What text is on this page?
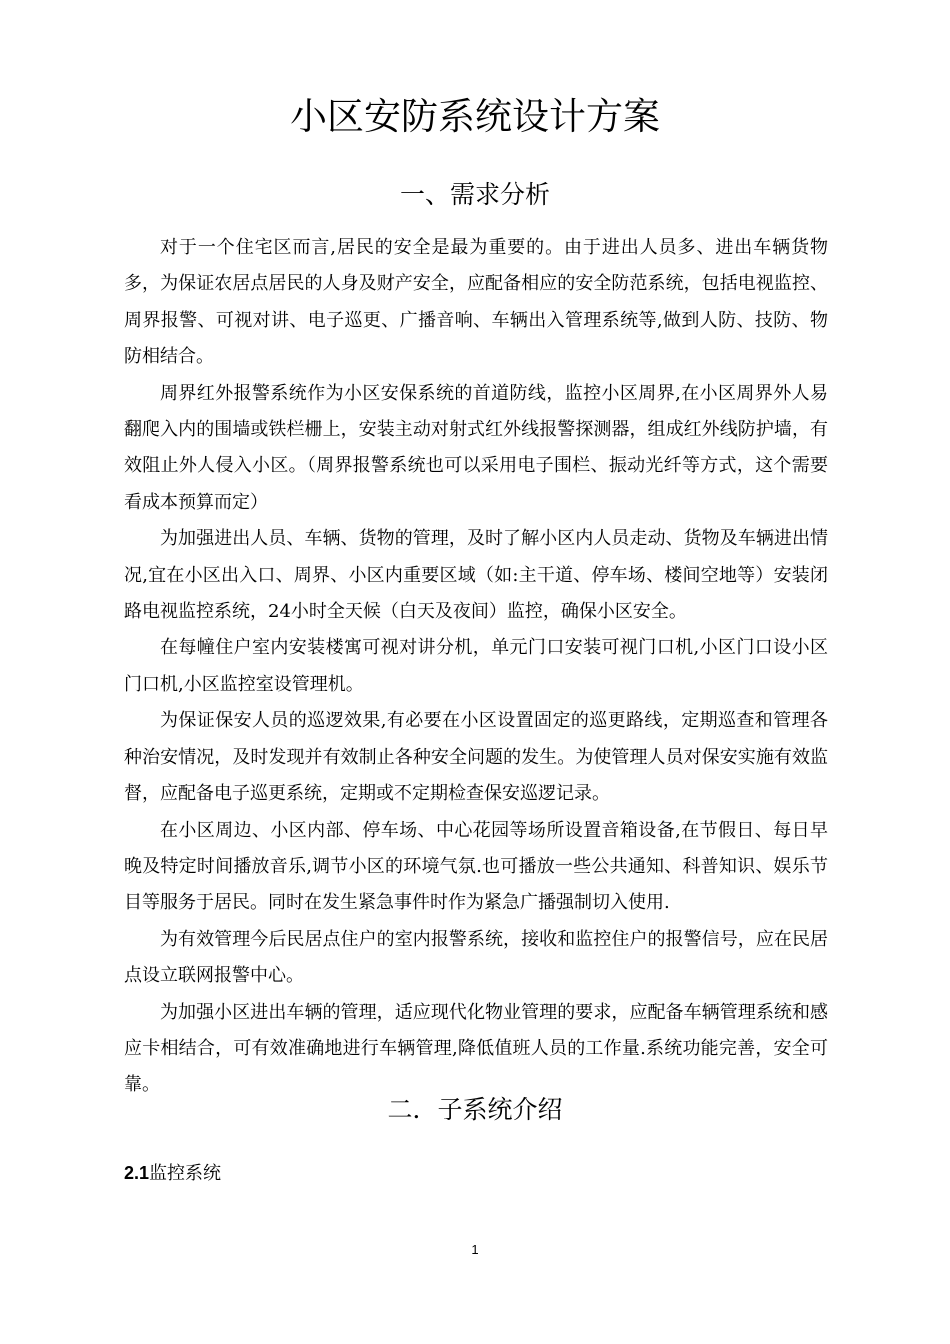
小区安防系统设计方案
一、需求分析

对于一个住宅区而言,居民的安全是最为重要的。由于进出人员多、进出车辆货物多，为保证农居点居民的人身及财产安全，应配备相应的安全防范系统，包括电视监控、周界报警、可视对讲、电子巡更、广播音响、车辆出入管理系统等,做到人防、技防、物防相结合。

周界红外报警系统作为小区安保系统的首道防线，监控小区周界,在小区周界外人易翻爬入内的围墙或铁栏栅上，安装主动对射式红外线报警探测器，组成红外线防护墙，有效阻止外人侵入小区。（周界报警系统也可以采用电子围栏、振动光纤等方式，这个需要看成本预算而定）

为加强进出人员、车辆、货物的管理，及时了解小区内人员走动、货物及车辆进出情况,宜在小区出入口、周界、小区内重要区域（如:主干道、停车场、楼间空地等）安装闭路电视监控系统，24小时全天候（白天及夜间）监控，确保小区安全。

在每幢住户室内安装楼寓可视对讲分机，单元门口安装可视门口机,小区门口设小区门口机,小区监控室设管理机。

为保证保安人员的巡逻效果,有必要在小区设置固定的巡更路线，定期巡查和管理各种治安情况，及时发现并有效制止各种安全问题的发生。为使管理人员对保安实施有效监督，应配备电子巡更系统，定期或不定期检查保安巡逻记录。

在小区周边、小区内部、停车场、中心花园等场所设置音箱设备,在节假日、每日早晚及特定时间播放音乐,调节小区的环境气氛.也可播放一些公共通知、科普知识、娱乐节目等服务于居民。同时在发生紧急事件时作为紧急广播强制切入使用.

为有效管理今后民居点住户的室内报警系统，接收和监控住户的报警信号，应在民居点设立联网报警中心。

为加强小区进出车辆的管理，适应现代化物业管理的要求，应配备车辆管理系统和感应卡相结合，可有效准确地进行车辆管理,降低值班人员的工作量.系统功能完善，安全可靠。

二．子系统介绍

2.1监控系统

1
